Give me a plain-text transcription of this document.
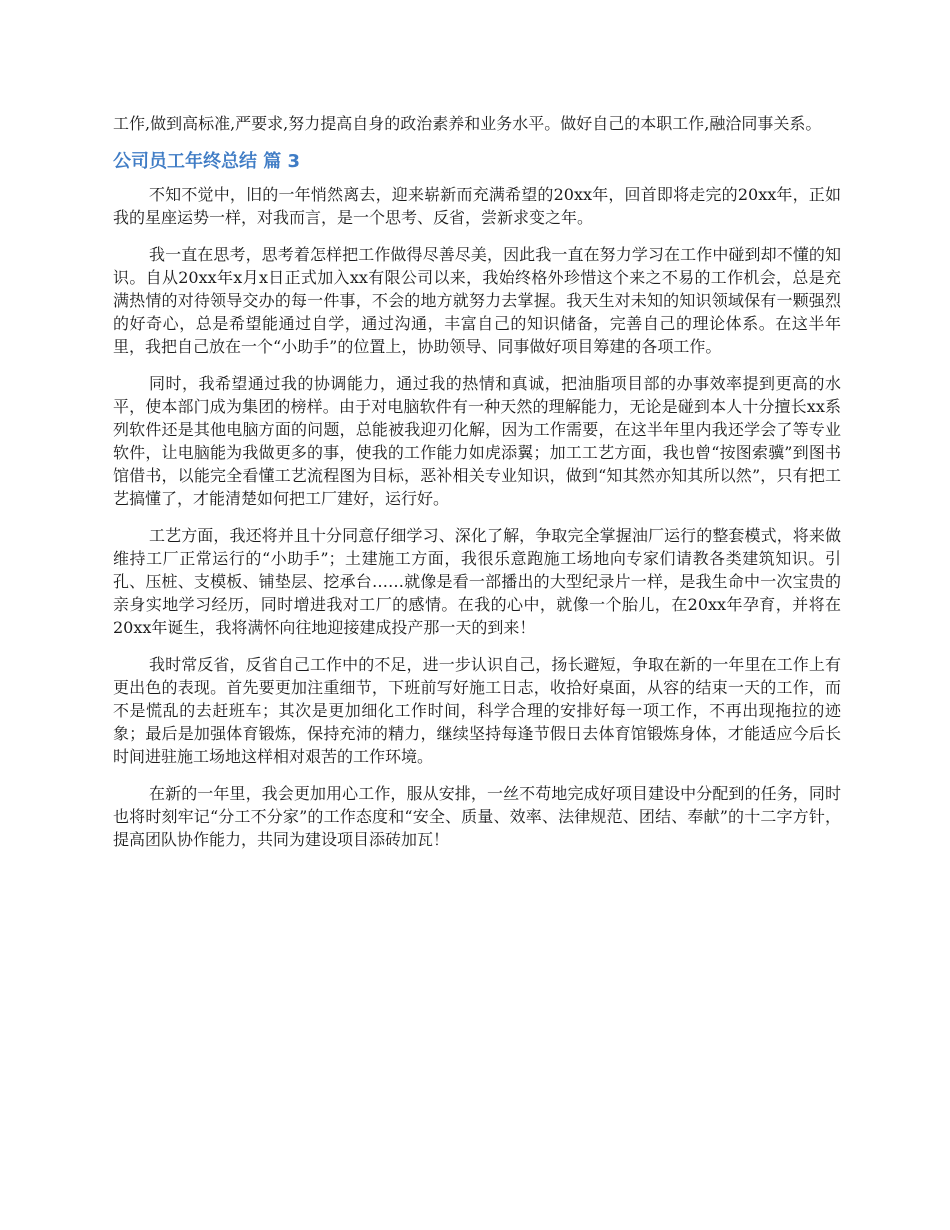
工作,做到高标准,严要求,努力提高自身的政治素养和业务水平。做好自己的本职工作,融洽同事关系。

公司员工年终总结 篇 3

不知不觉中，旧的一年悄然离去，迎来崭新而充满希望的20xx年，回首即将走完的20xx年，正如我的星座运势一样，对我而言，是一个思考、反省，尝新求变之年。

我一直在思考，思考着怎样把工作做得尽善尽美，因此我一直在努力学习在工作中碰到却不懂的知识。自从20xx年x月x日正式加入xx有限公司以来，我始终格外珍惜这个来之不易的工作机会，总是充满热情的对待领导交办的每一件事，不会的地方就努力去掌握。我天生对未知的知识领域保有一颗强烈的好奇心，总是希望能通过自学，通过沟通，丰富自己的知识储备，完善自己的理论体系。在这半年里，我把自己放在一个“小助手”的位置上，协助领导、同事做好项目筹建的各项工作。

同时，我希望通过我的协调能力，通过我的热情和真诚，把油脂项目部的办事效率提到更高的水平，使本部门成为集团的榜样。由于对电脑软件有一种天然的理解能力，无论是碰到本人十分擅长xx系列软件还是其他电脑方面的问题，总能被我迎刃化解，因为工作需要，在这半年里内我还学会了等专业软件，让电脑能为我做更多的事，使我的工作能力如虎添翼；加工工艺方面，我也曾“按图索骥”到图书馆借书，以能完全看懂工艺流程图为目标，恶补相关专业知识，做到“知其然亦知其所以然”，只有把工艺搞懂了，才能清楚如何把工厂建好，运行好。

工艺方面，我还将并且十分同意仔细学习、深化了解，争取完全掌握油厂运行的整套模式，将来做维持工厂正常运行的“小助手”；土建施工方面，我很乐意跑施工场地向专家们请教各类建筑知识。引孔、压桩、支模板、铺垫层、挖承台……就像是看一部播出的大型纪录片一样，是我生命中一次宝贵的亲身实地学习经历，同时增进我对工厂的感情。在我的心中，就像一个胎儿，在20xx年孕育，并将在20xx年诞生，我将满怀向往地迎接建成投产那一天的到来！

我时常反省，反省自己工作中的不足，进一步认识自己，扬长避短，争取在新的一年里在工作上有更出色的表现。首先要更加注重细节，下班前写好施工日志，收拾好桌面，从容的结束一天的工作，而不是慌乱的去赶班车；其次是更加细化工作时间，科学合理的安排好每一项工作，不再出现拖拉的迹象；最后是加强体育锻炼，保持充沛的精力，继续坚持每逢节假日去体育馆锻炼身体，才能适应今后长时间进驻施工场地这样相对艰苦的工作环境。

在新的一年里，我会更加用心工作，服从安排，一丝不苟地完成好项目建设中分配到的任务，同时也将时刻牢记“分工不分家”的工作态度和“安全、质量、效率、法律规范、团结、奉献”的十二字方针，提高团队协作能力，共同为建设项目添砖加瓦！
